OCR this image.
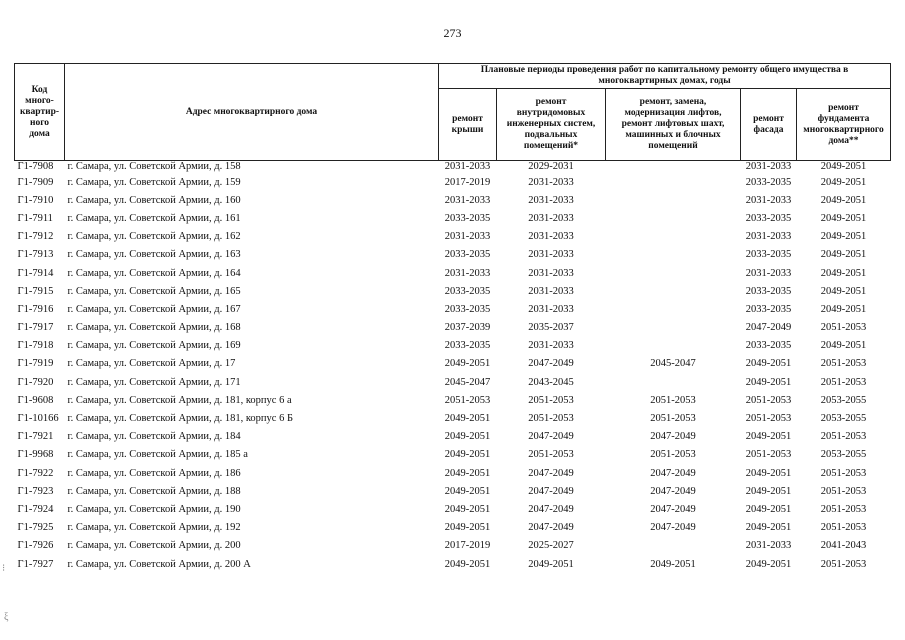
273
Код
много-
квартир-
ного
дома	Адрес многоквартирного дома	Плановые периоды проведения работ по капитальному ремонту общего имущества в
многоквартирных домах, годы				
		ремонт
крыши	ремонт
внутридомовых
инженерных систем,
подвальных
помещений*	ремонт, замена,
модернизация лифтов,
ремонт лифтовых шахт,
машинных и блочных
помещений	ремонт
фасада	ремонт
фундамента
многоквартирного
дома**
Г1-7908	г. Самара, ул. Советской Армии, д. 158	2031-2033	2029-2031		2031-2033	2049-2051
Г1-7909	г. Самара, ул. Советской Армии, д. 159	2017-2019	2031-2033		2033-2035	2049-2051
Г1-7910	г. Самара, ул. Советской Армии, д. 160	2031-2033	2031-2033		2031-2033	2049-2051
Г1-7911	г. Самара, ул. Советской Армии, д. 161	2033-2035	2031-2033		2033-2035	2049-2051
Г1-7912	г. Самара, ул. Советской Армии, д. 162	2031-2033	2031-2033		2031-2033	2049-2051
Г1-7913	г. Самара, ул. Советской Армии, д. 163	2033-2035	2031-2033		2033-2035	2049-2051
Г1-7914	г. Самара, ул. Советской Армии, д. 164	2031-2033	2031-2033		2031-2033	2049-2051
Г1-7915	г. Самара, ул. Советской Армии, д. 165	2033-2035	2031-2033		2033-2035	2049-2051
Г1-7916	г. Самара, ул. Советской Армии, д. 167	2033-2035	2031-2033		2033-2035	2049-2051
Г1-7917	г. Самара, ул. Советской Армии, д. 168	2037-2039	2035-2037		2047-2049	2051-2053
Г1-7918	г. Самара, ул. Советской Армии, д. 169	2033-2035	2031-2033		2033-2035	2049-2051
Г1-7919	г. Самара, ул. Советской Армии, д. 17	2049-2051	2047-2049	2045-2047	2049-2051	2051-2053
Г1-7920	г. Самара, ул. Советской Армии, д. 171	2045-2047	2043-2045		2049-2051	2051-2053
Г1-9608	г. Самара, ул. Советской Армии, д. 181, корпус 6 а	2051-2053	2051-2053	2051-2053	2051-2053	2053-2055
Г1-10166	г. Самара, ул. Советской Армии, д. 181, корпус 6 Б	2049-2051	2051-2053	2051-2053	2051-2053	2053-2055
Г1-7921	г. Самара, ул. Советской Армии, д. 184	2049-2051	2047-2049	2047-2049	2049-2051	2051-2053
Г1-9968	г. Самара, ул. Советской Армии, д. 185 а	2049-2051	2051-2053	2051-2053	2051-2053	2053-2055
Г1-7922	г. Самара, ул. Советской Армии, д. 186	2049-2051	2047-2049	2047-2049	2049-2051	2051-2053
Г1-7923	г. Самара, ул. Советской Армии, д. 188	2049-2051	2047-2049	2047-2049	2049-2051	2051-2053
Г1-7924	г. Самара, ул. Советской Армии, д. 190	2049-2051	2047-2049	2047-2049	2049-2051	2051-2053
Г1-7925	г. Самара, ул. Советской Армии, д. 192	2049-2051	2047-2049	2047-2049	2049-2051	2051-2053
Г1-7926	г. Самара, ул. Советской Армии, д. 200	2017-2019	2025-2027		2031-2033	2041-2043
Г1-7927	г. Самара, ул. Советской Армии, д. 200 А	2049-2051	2049-2051	2049-2051	2049-2051	2051-2053
⁝
ξ
